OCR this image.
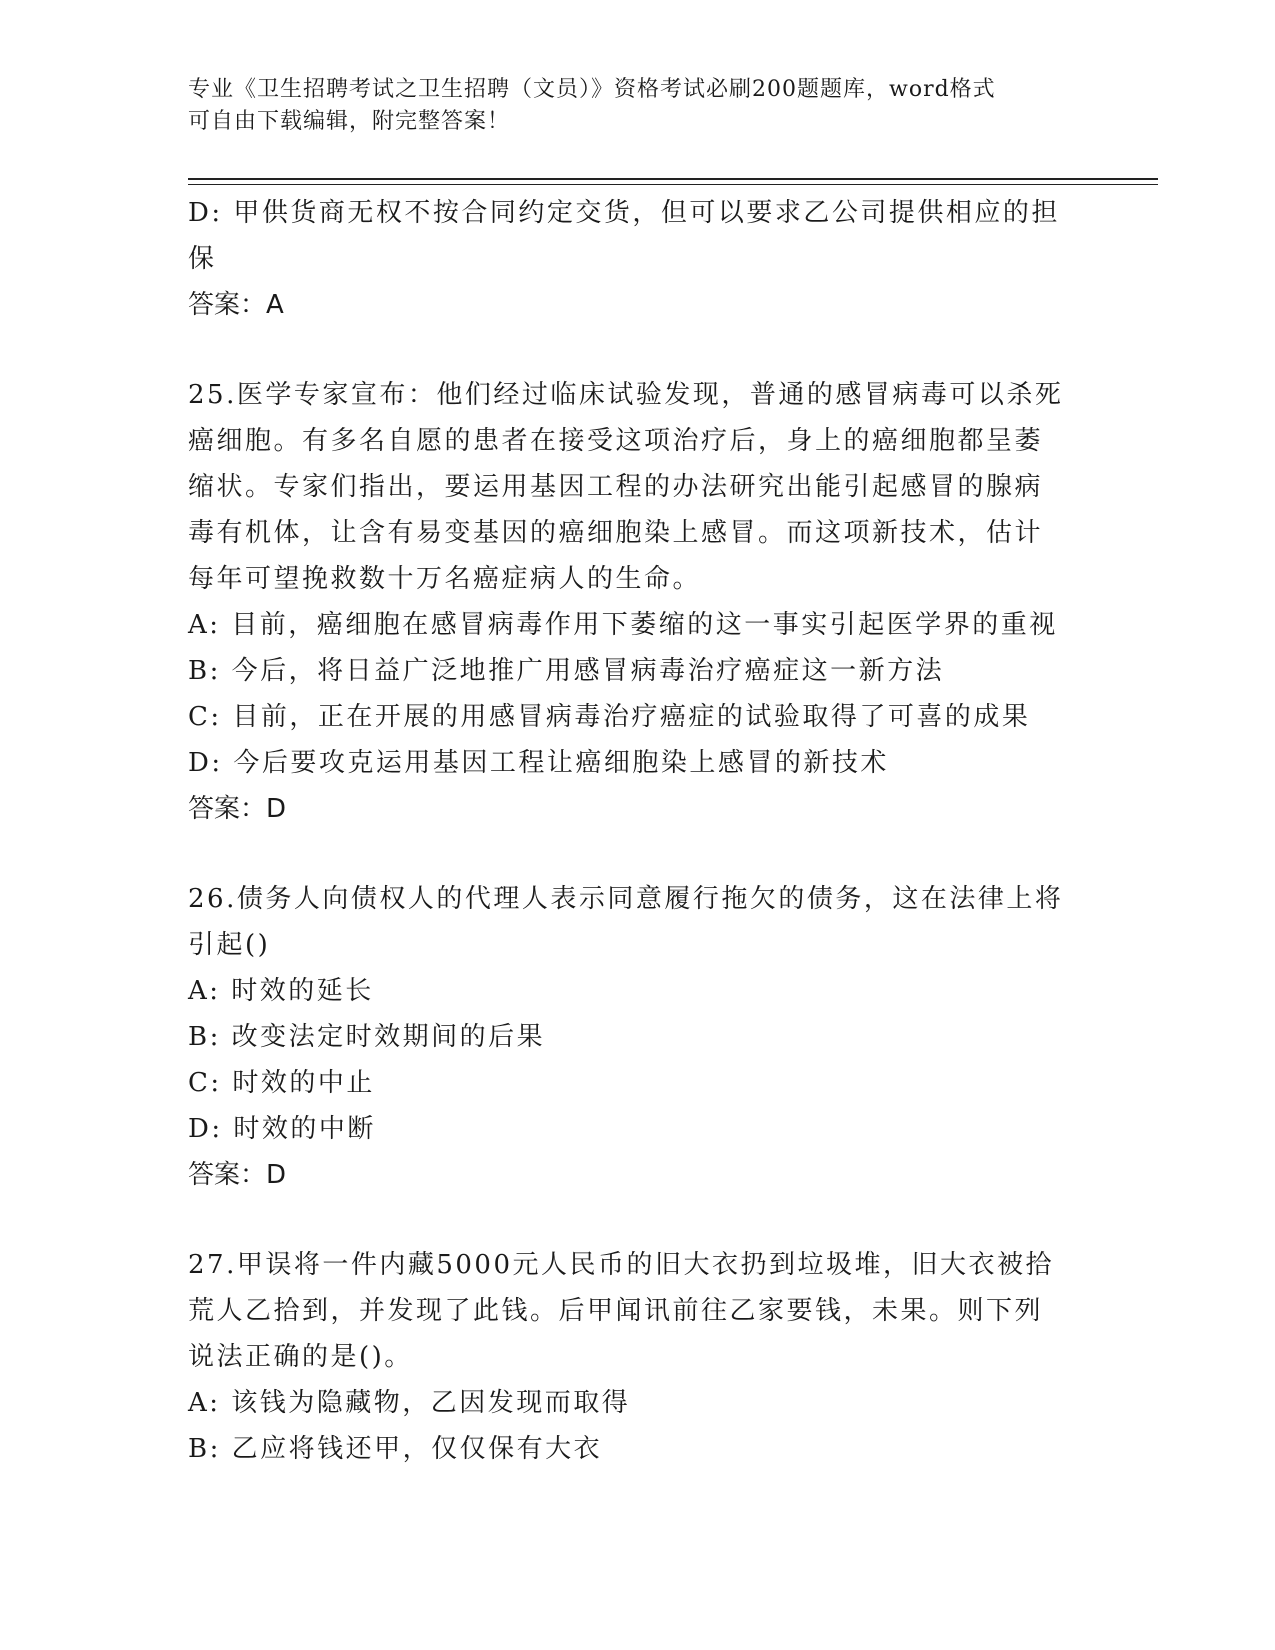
专业《卫生招聘考试之卫生招聘（文员）》资格考试必刷200题题库，word格式
可自由下载编辑，附完整答案！
D: 甲供货商无权不按合同约定交货，但可以要求乙公司提供相应的担
保
答案：A
25.医学专家宣布：他们经过临床试验发现，普通的感冒病毒可以杀死
癌细胞。有多名自愿的患者在接受这项治疗后，身上的癌细胞都呈萎
缩状。专家们指出，要运用基因工程的办法研究出能引起感冒的腺病
毒有机体，让含有易变基因的癌细胞染上感冒。而这项新技术，估计
每年可望挽救数十万名癌症病人的生命。
A: 目前，癌细胞在感冒病毒作用下萎缩的这一事实引起医学界的重视
B: 今后，将日益广泛地推广用感冒病毒治疗癌症这一新方法
C: 目前，正在开展的用感冒病毒治疗癌症的试验取得了可喜的成果
D: 今后要攻克运用基因工程让癌细胞染上感冒的新技术
答案：D
26.债务人向债权人的代理人表示同意履行拖欠的债务，这在法律上将
引起()
A: 时效的延长
B: 改变法定时效期间的后果
C: 时效的中止
D: 时效的中断
答案：D
27.甲误将一件内藏5000元人民币的旧大衣扔到垃圾堆，旧大衣被拾
荒人乙拾到，并发现了此钱。后甲闻讯前往乙家要钱，未果。则下列
说法正确的是()。
A: 该钱为隐藏物，乙因发现而取得
B: 乙应将钱还甲，仅仅保有大衣
